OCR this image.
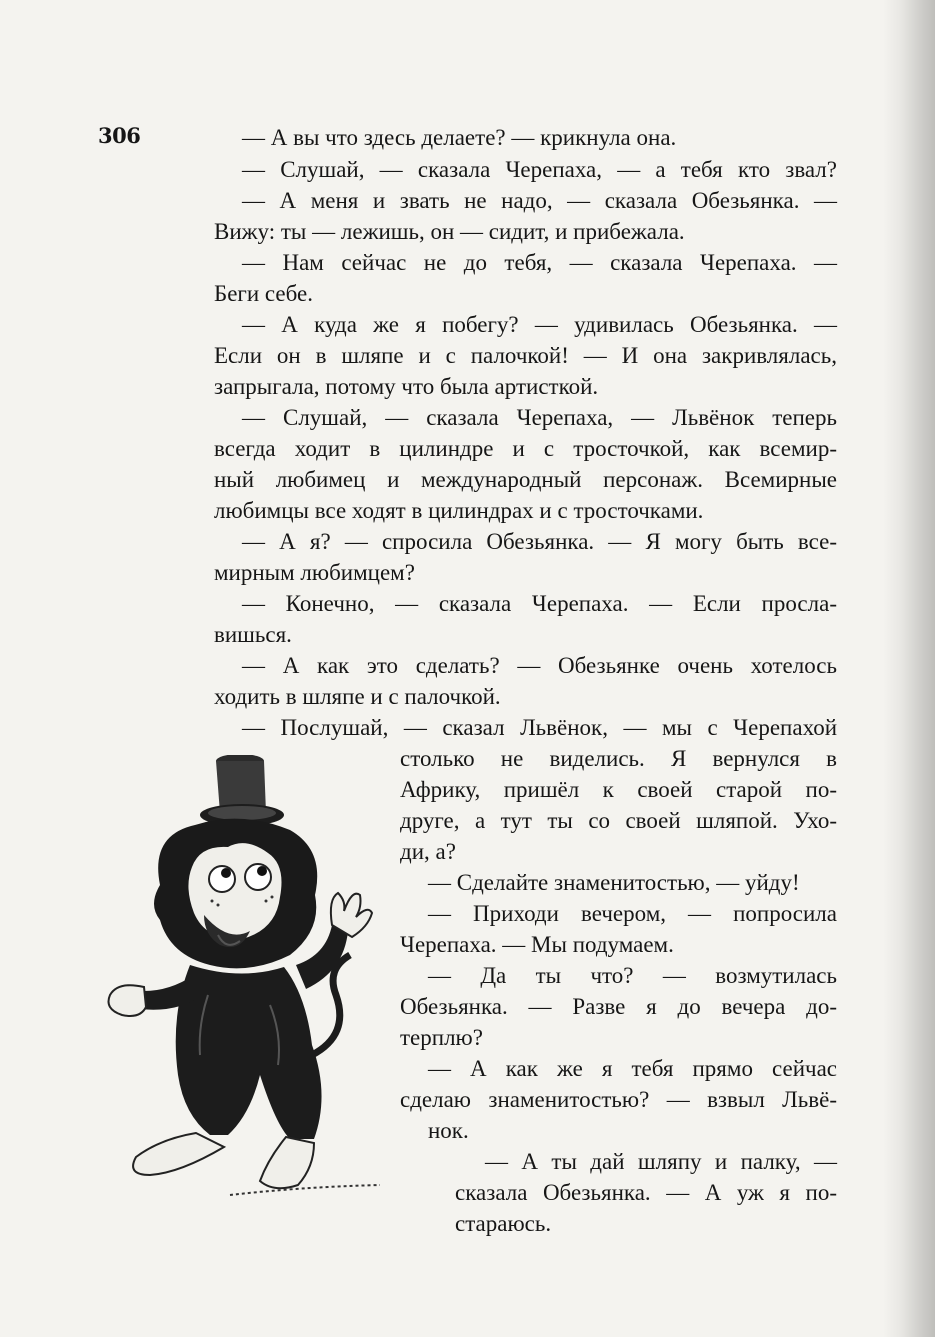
306	— А вы что здесь делаете? — крикнула она.
— Слушай, — сказала Черепаха, — а тебя кто звал?
— А меня и звать не надо, — сказала Обезьянка. —
Вижу: ты — лежишь, он — сидит, и прибежала.
— Нам сейчас не до тебя, — сказала Черепаха. —
Беги себе.
— А куда же я побегу? — удивилась Обезьянка. —
Если он в шляпе и с палочкой! — И она закривлялась,
запрыгала, потому что была артисткой.
— Слушай, — сказала Черепаха, — Львёнок теперь
всегда ходит в цилиндре и с тросточкой, как всемир-
ный любимец и международный персонаж. Всемирные
любимцы все ходят в цилиндрах и с тросточками.
— А я? — спросила Обезьянка. — Я могу быть все-
мирным любимцем?
— Конечно, — сказала Черепаха. — Если просла-
вишься.
— А как это сделать? — Обезьянке очень хотелось
ходить в шляпе и с палочкой.
— Послушай, — сказал Львёнок, — мы с Черепахой
столько не виделись. Я вернулся в
Африку, пришёл к своей старой по-
друге, а тут ты со своей шляпой. Ухо-
ди, а?
— Сделайте знаменитостью, — уйду!
— Приходи вечером, — попросила
Черепаха. — Мы подумаем.
— Да ты что? — возмутилась
Обезьянка. — Разве я до вечера до-
терплю?
— А как же я тебя прямо сейчас
сделаю знаменитостью? — взвыл Львё-
нок.
— А ты дай шляпу и палку, —
сказала Обезьянка. — А уж я по-
стараюсь.
